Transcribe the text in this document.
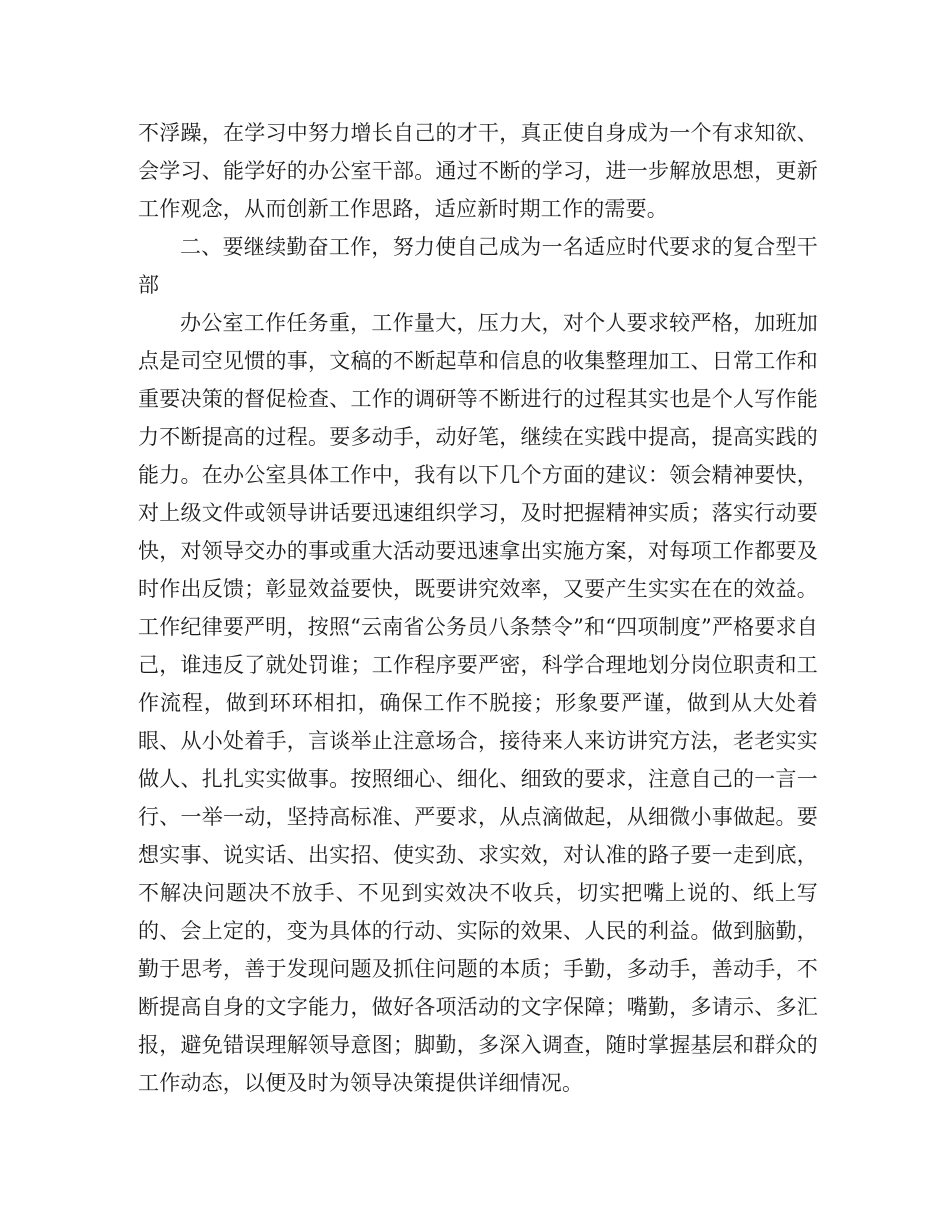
不浮躁，在学习中努力增长自己的才干，真正使自身成为一个有求知欲、会学习、能学好的办公室干部。通过不断的学习，进一步解放思想，更新工作观念，从而创新工作思路，适应新时期工作的需要。

二、要继续勤奋工作，努力使自己成为一名适应时代要求的复合型干部

办公室工作任务重，工作量大，压力大，对个人要求较严格，加班加点是司空见惯的事，文稿的不断起草和信息的收集整理加工、日常工作和重要决策的督促检查、工作的调研等不断进行的过程其实也是个人写作能力不断提高的过程。要多动手，动好笔，继续在实践中提高，提高实践的能力。在办公室具体工作中，我有以下几个方面的建议：领会精神要快，对上级文件或领导讲话要迅速组织学习，及时把握精神实质；落实行动要快，对领导交办的事或重大活动要迅速拿出实施方案，对每项工作都要及时作出反馈；彰显效益要快，既要讲究效率，又要产生实实在在的效益。工作纪律要严明，按照“云南省公务员八条禁令”和“四项制度”严格要求自己，谁违反了就处罚谁；工作程序要严密，科学合理地划分岗位职责和工作流程，做到环环相扣，确保工作不脱接；形象要严谨，做到从大处着眼、从小处着手，言谈举止注意场合，接待来人来访讲究方法，老老实实做人、扎扎实实做事。按照细心、细化、细致的要求，注意自己的一言一行、一举一动，坚持高标准、严要求，从点滴做起，从细微小事做起。要想实事、说实话、出实招、使实劲、求实效，对认准的路子要一走到底，不解决问题决不放手、不见到实效决不收兵，切实把嘴上说的、纸上写的、会上定的，变为具体的行动、实际的效果、人民的利益。做到脑勤，勤于思考，善于发现问题及抓住问题的本质；手勤，多动手，善动手，不断提高自身的文字能力，做好各项活动的文字保障；嘴勤，多请示、多汇报，避免错误理解领导意图；脚勤，多深入调查，随时掌握基层和群众的工作动态，以便及时为领导决策提供详细情况。
